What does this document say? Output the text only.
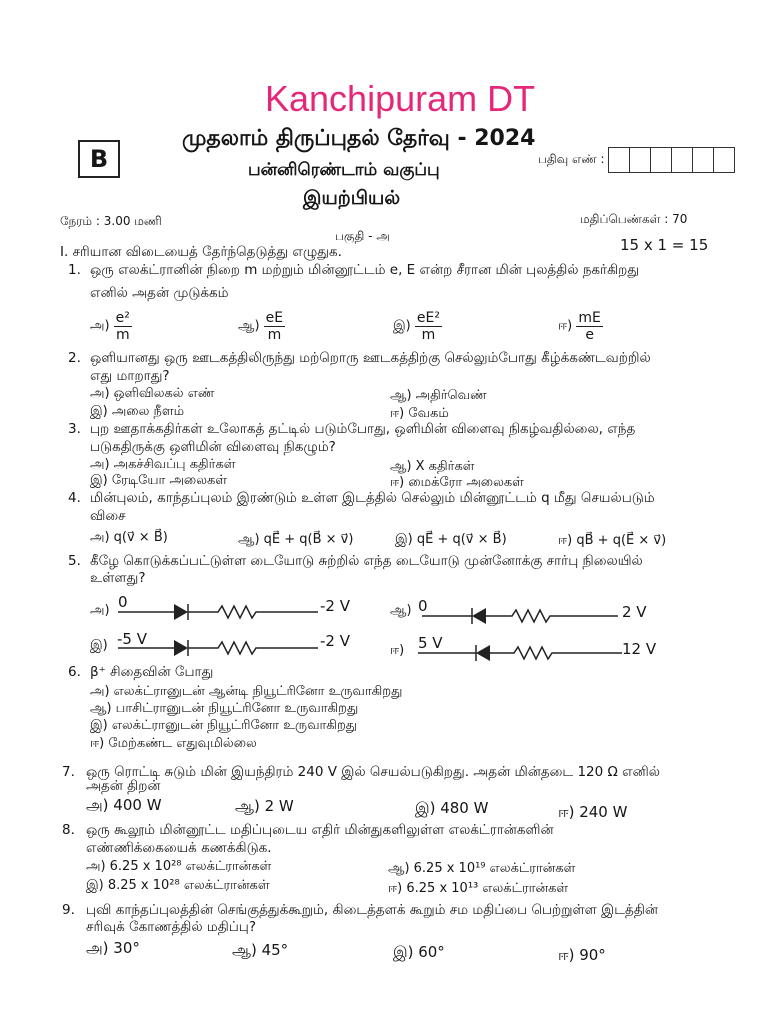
Kanchipuram DT
முதலாம் திருப்புதல் தேர்வு - 2024
பன்னிரெண்டாம் வகுப்பு
இயற்பியல்
B	பதிவு எண் :
நேரம் : 3.00 மணி
பகுதி - அ
மதிப்பெண்கள் : 70
15 x 1 = 15
I. சரியான விடையைத் தேர்ந்தெடுத்து எழுதுக.
1. ஒரு எலக்ட்ரானின் நிறை m மற்றும் மின்னூட்டம் e, E என்ற சீரான மின் புலத்தில் நகர்கிறது
எனில் அதன் முடுக்கம்
அ) $\frac{\text{e²}}{m}$	ஆ) $\frac{eE}{m}$	இ) $\frac{\text{eE²}}{m}$	ஈ) $\frac{mE}{e}$
2. ஒளியானது ஒரு ஊடகத்திலிருந்து மற்றொரு ஊடகத்திற்கு செல்லும்போது கீழ்க்கண்டவற்றில்
எது மாறாது?
அ) ஒளிவிலகல் எண்	ஆ) அதிர்வெண்
இ) அலை நீளம்	ஈ) வேகம்
3. புற ஊதாக்கதிர்கள் உலோகத் தட்டில் படும்போது, ஒளிமின் விளைவு நிகழ்வதில்லை, எந்த
படுகதிருக்கு ஒளிமின் விளைவு நிகழும்?
அ) அகச்சிவப்பு கதிர்கள்	ஆ) X கதிர்கள்
இ) ரேடியோ அலைகள்	ஈ) மைக்ரோ அலைகள்
4. மின்புலம், காந்தப்புலம் இரண்டும் உள்ள இடத்தில் செல்லும் மின்னூட்டம் q மீது செயல்படும்
விசை
அ) q(v⃗ × B⃗)	ஆ) qE⃗ + q(B⃗ × v⃗)	இ) qE⃗ + q(v⃗ × B⃗)	ஈ) qB⃗ + q(E⃗ × v⃗)
5. கீழே கொடுக்கப்பட்டுள்ள டையோடு சுற்றில் எந்த டையோடு முன்னோக்கு சார்பு நிலையில்
உள்ளது?
அ) 0	-2 V	ஆ) 0	2 V
இ) -5 V	-2 V
ஈ) 5 V	12 V
6. β⁺ சிதைவின் போது
அ) எலக்ட்ரானுடன் ஆன்டி நியூட்ரினோ உருவாகிறது
ஆ) பாசிட்ரானுடன் நியூட்ரினோ உருவாகிறது
இ) எலக்ட்ரானுடன் நியூட்ரினோ உருவாகிறது
ஈ) மேற்கண்ட எதுவுமில்லை
7. ஒரு ரொட்டி சுடும் மின் இயந்திரம் 240 V இல் செயல்படுகிறது. அதன் மின்தடை 120 Ω எனில்
அதன் திறன்
அ) 400 W	ஆ) 2 W	இ) 480 W	ஈ) 240 W
8. ஒரு கூலூம் மின்னூட்ட மதிப்புடைய எதிர் மின்துகளிலுள்ள எலக்ட்ரான்களின்
எண்ணிக்கையைக் கணக்கிடுக.
அ) 6.25 x 10²⁸ எலக்ட்ரான்கள்	ஆ) 6.25 x 10¹⁹ எலக்ட்ரான்கள்
இ) 8.25 x 10²⁸ எலக்ட்ரான்கள்	ஈ) 6.25 x 10¹³ எலக்ட்ரான்கள்
9. புவி காந்தப்புலத்தின் செங்குத்துக்கூறும், கிடைத்தளக் கூறும் சம மதிப்பை பெற்றுள்ள இடத்தின்
சரிவுக் கோணத்தில் மதிப்பு?
அ) 30°	ஆ) 45°	இ) 60°	ஈ) 90°
